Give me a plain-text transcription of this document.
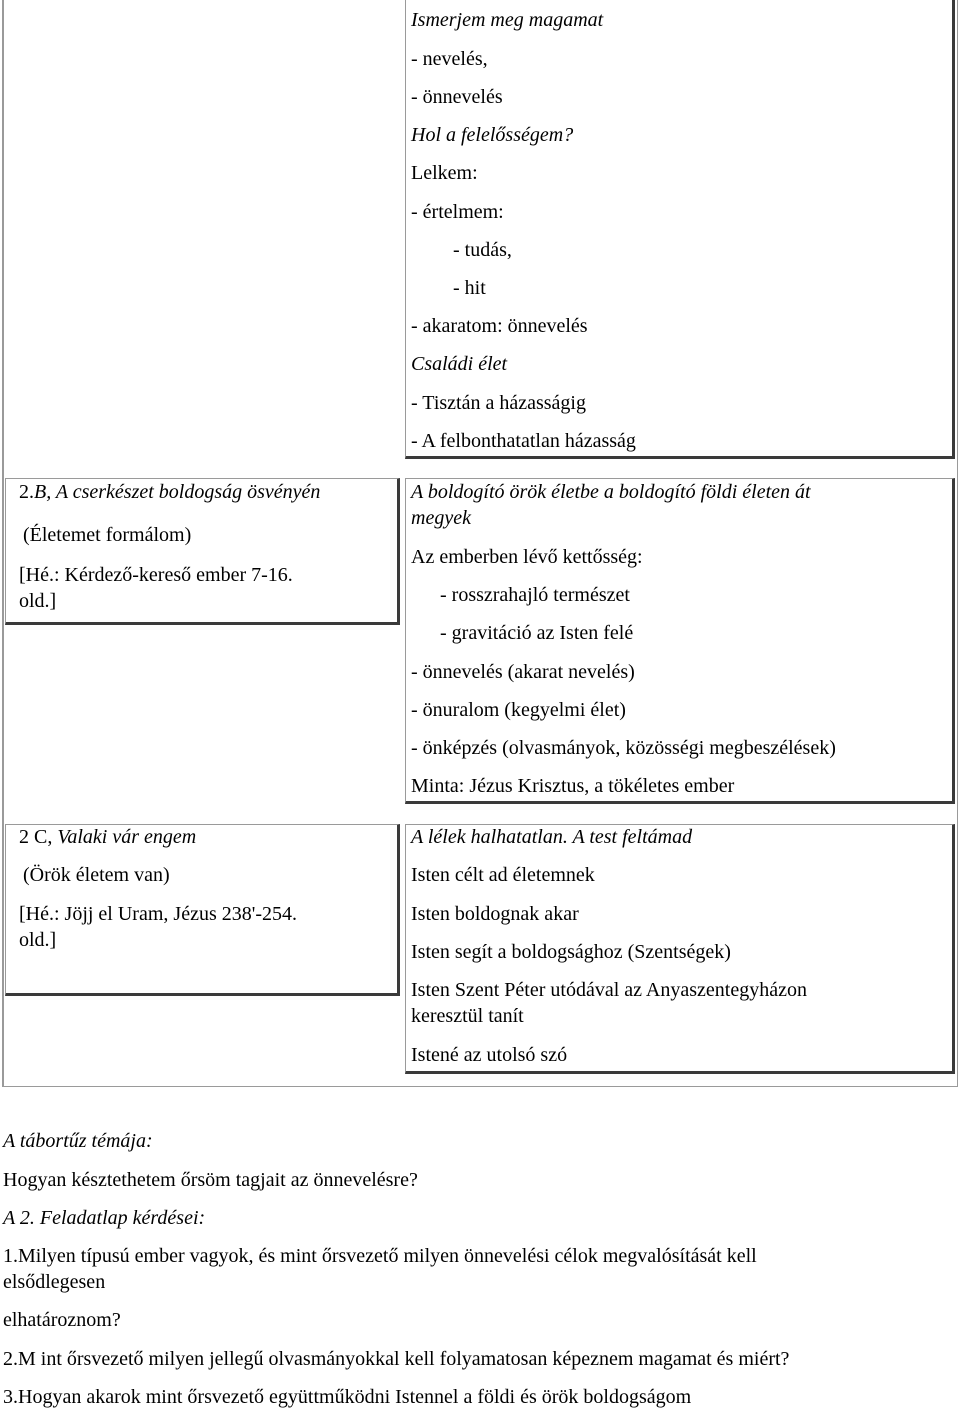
Ismerjem meg magamat
- nevelés,
- önnevelés
Hol a felelősségem?
Lelkem:
- értelmem:
- tudás,
- hit
- akaratom: önnevelés
Családi élet
- Tisztán a házasságig
- A felbonthatatlan házasság
2.B, A cserkészet boldogság ösvényén
(Életemet formálom)
[Hé.: Kérdező-kereső ember 7-16.
old.]
A boldogító örök életbe a boldogító földi életen át
megyek
Az emberben lévő kettősség:
- rosszrahajló természet
- gravitáció az Isten felé
- önnevelés (akarat nevelés)
- önuralom (kegyelmi élet)
- önképzés (olvasmányok, közösségi megbeszélések)
Minta: Jézus Krisztus, a tökéletes ember
2 C, Valaki vár engem
(Örök életem van)
[Hé.: Jöjj el Uram, Jézus 238'-254.
old.]
A lélek halhatatlan. A test feltámad
Isten célt ad életemnek
Isten boldognak akar
Isten segít a boldogsághoz (Szentségek)
Isten Szent Péter utódával az Anyaszentegyházon
keresztül tanít
Istené az utolsó szó
A tábortűz témája:
Hogyan késztethetem őrsöm tagjait az önnevelésre?
A 2. Feladatlap kérdései:
1.Milyen típusú ember vagyok, és mint őrsvezető milyen önnevelési célok megvalósítását kell
elsődlegesen
elhatároznom?
2.M int őrsvezető milyen jellegű olvasmányokkal kell folyamatosan képeznem magamat és miért?
3.Hogyan akarok mint őrsvezető együttműködni Istennel a földi és örök boldogságom
